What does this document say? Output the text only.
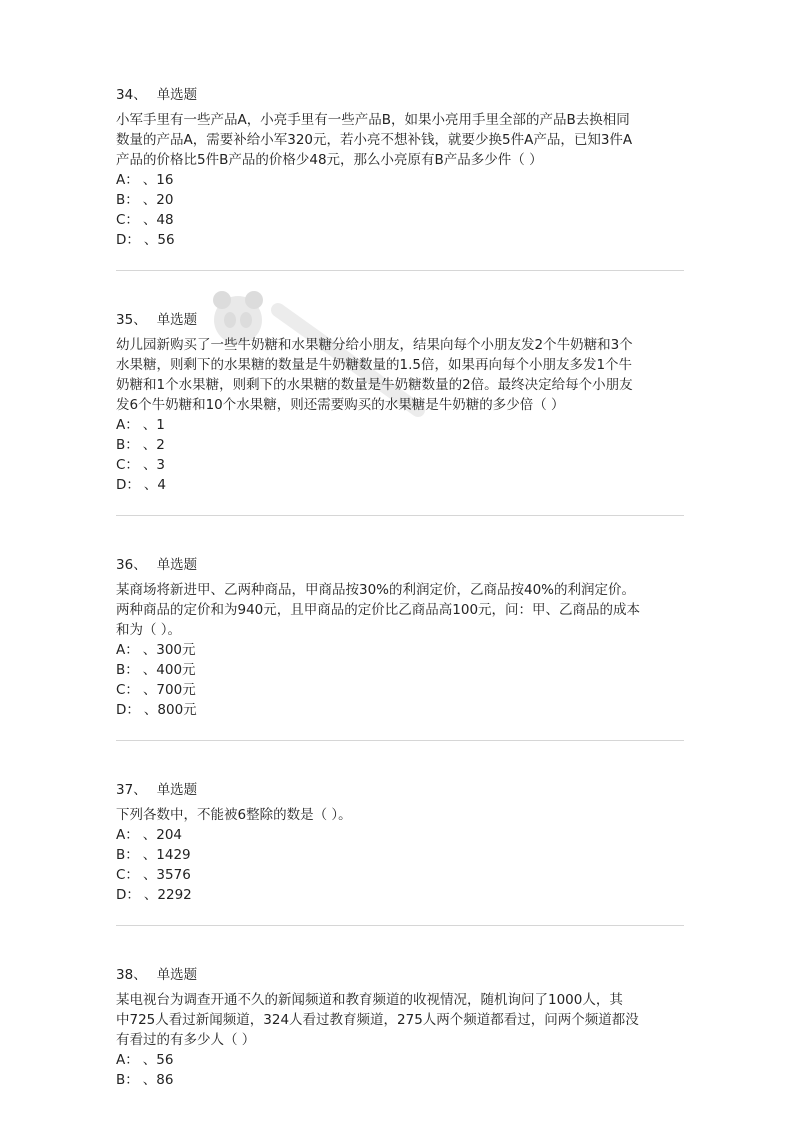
34、 单选题
小军手里有一些产品A，小亮手里有一些产品B，如果小亮用手里全部的产品B去换相同
数量的产品A，需要补给小军320元，若小亮不想补钱，就要少换5件A产品，已知3件A
产品的价格比5件B产品的价格少48元，那么小亮原有B产品多少件（ ）
A： 、16
B： 、20
C： 、48
D： 、56
35、 单选题
幼儿园新购买了一些牛奶糖和水果糖分给小朋友，结果向每个小朋友发2个牛奶糖和3个
水果糖，则剩下的水果糖的数量是牛奶糖数量的1.5倍，如果再向每个小朋友多发1个牛
奶糖和1个水果糖，则剩下的水果糖的数量是牛奶糖数量的2倍。最终决定给每个小朋友
发6个牛奶糖和10个水果糖，则还需要购买的水果糖是牛奶糖的多少倍（ ）
A： 、1
B： 、2
C： 、3
D： 、4
36、 单选题
某商场将新进甲、乙两种商品，甲商品按30%的利润定价，乙商品按40%的利润定价。
两种商品的定价和为940元，且甲商品的定价比乙商品高100元，问：甲、乙商品的成本
和为（ ）。
A： 、300元
B： 、400元
C： 、700元
D： 、800元
37、 单选题
下列各数中，不能被6整除的数是（ ）。
A： 、204
B： 、1429
C： 、3576
D： 、2292
38、 单选题
某电视台为调查开通不久的新闻频道和教育频道的收视情况，随机询问了1000人，其
中725人看过新闻频道，324人看过教育频道，275人两个频道都看过，问两个频道都没
有看过的有多少人（ ）
A： 、56
B： 、86
